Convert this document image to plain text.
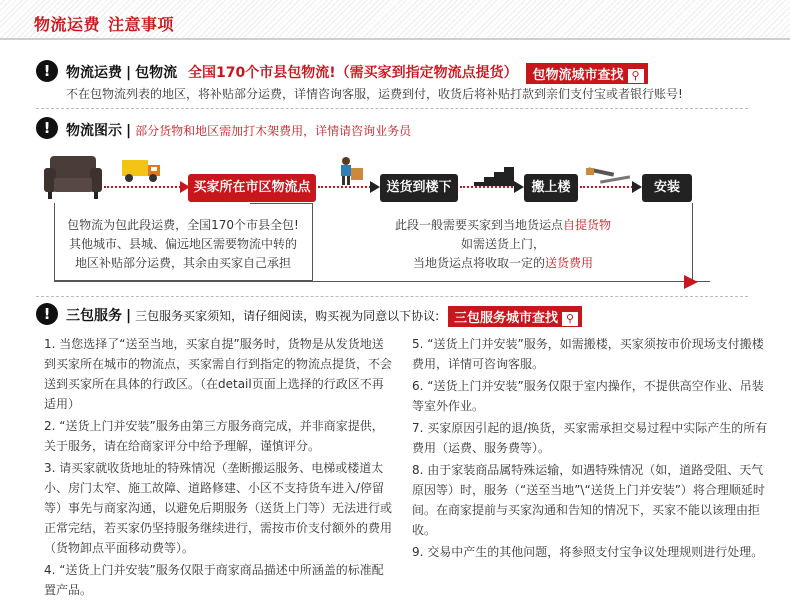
物流运费 注意事项
!	物流运费 | 包物流 全国170个市县包物流!（需买家到指定物流点提货） 包物流城市查找 ⚲
不在包物流列表的地区，将补贴部分运费，详情咨询客服，运费到付，收货后将补贴打款到亲们支付宝或者银行账号!
!	物流图示 | 部分货物和地区需加打木架费用，详情请咨询业务员
买家所在市区物流点	送货到楼下	搬上楼	安装
包物流为包此段运费，全国170个市县全包!
其他城市、县城、偏远地区需要物流中转的
地区补贴部分运费，其余由买家自己承担
此段一般需要买家到当地货运点自提货物
如需送货上门，
当地货运点将收取一定的送货费用
!	三包服务 | 三包服务买家须知，请仔细阅读，购买视为同意以下协议: 三包服务城市查找 ⚲

1. 当您选择了“送至当地，买家自提”服务时，货物是从发货地送到买家所在城市的物流点，买家需自行到指定的物流点提货，不会送到买家所在具体的行政区。（在detail页面上选择的行政区不再适用）

2. “送货上门并安装”服务由第三方服务商完成，并非商家提供，关于服务，请在给商家评分中给予理解，谨慎评分。

3. 请买家就收货地址的特殊情况（垄断搬运服务、电梯或楼道太小、房门太窄、施工故障、道路修建、小区不支持货车进入/停留等）事先与商家沟通，以避免后期服务（送货上门等）无法进行或正常完结，若买家仍坚持服务继续进行，需按市价支付额外的费用（货物卸点平面移动费等）。

4. “送货上门并安装”服务仅限于商家商品描述中所涵盖的标准配置产品。

5. “送货上门并安装”服务，如需搬楼，买家须按市价现场支付搬楼费用，详情可咨询客服。

6. “送货上门并安装”服务仅限于室内操作，不提供高空作业、吊装等室外作业。

7. 买家原因引起的退/换货，买家需承担交易过程中实际产生的所有费用（运费、服务费等）。

8. 由于家装商品属特殊运输，如遇特殊情况（如，道路受阻、天气原因等）时，服务（“送至当地”\“送货上门并安装”）将合理顺延时间。在商家提前与买家沟通和告知的情况下，买家不能以该理由拒收。

9. 交易中产生的其他问题，将参照支付宝争议处理规则进行处理。
